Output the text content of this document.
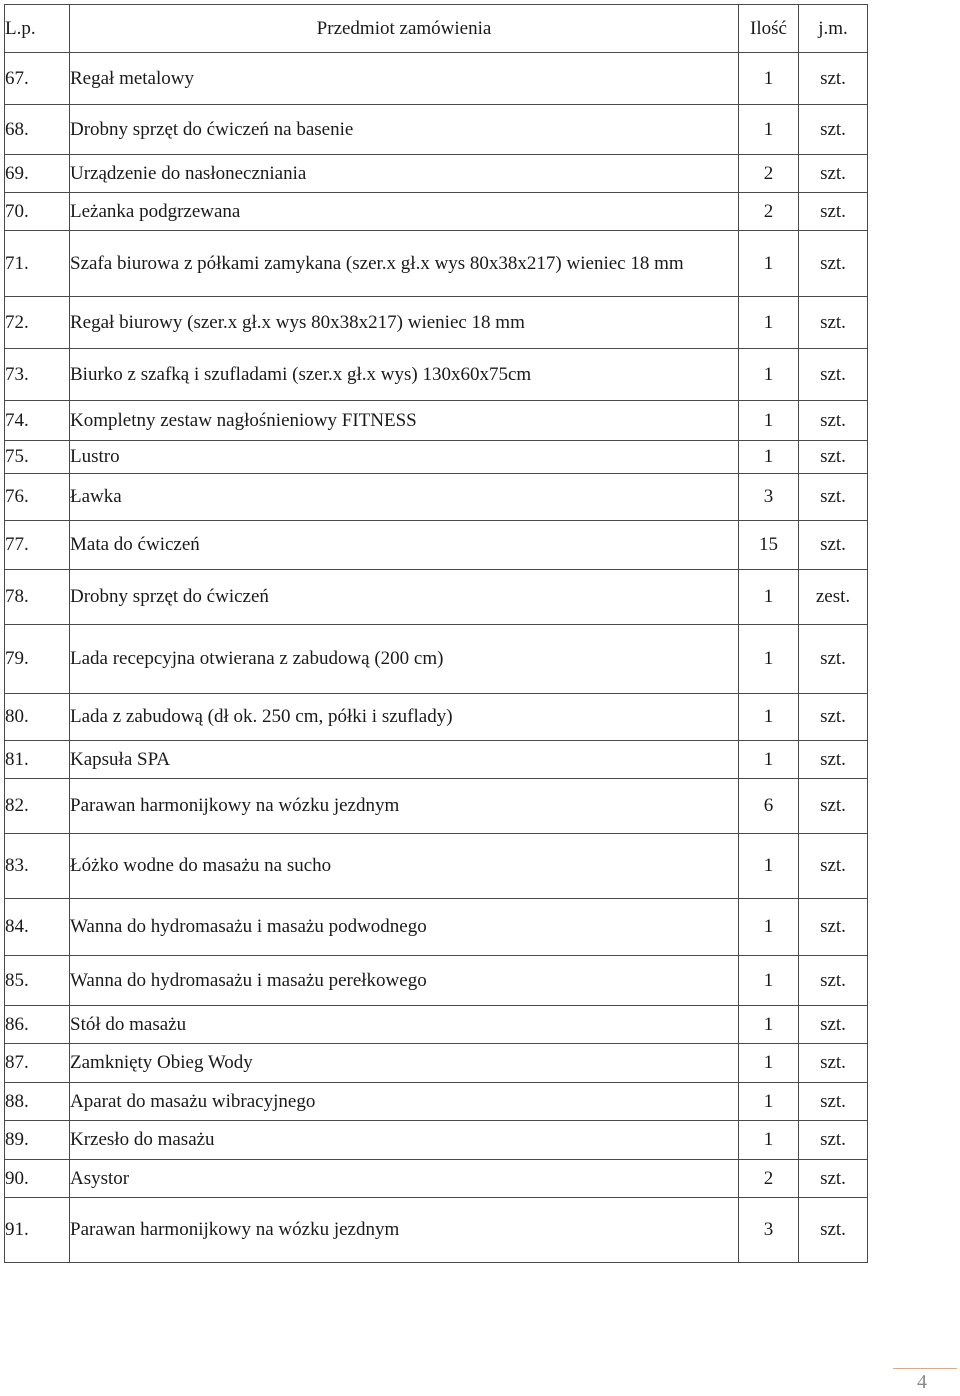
L.p.	Przedmiot zamówienia	Ilość	j.m.
67.	Regał metalowy	1	szt.
68.	Drobny sprzęt do ćwiczeń na basenie	1	szt.
69.	Urządzenie do nasłoneczniania	2	szt.
70.	Leżanka podgrzewana	2	szt.
71.	Szafa biurowa z półkami zamykana (szer.x gł.x wys 80x38x217) wieniec 18 mm	1	szt.
72.	Regał biurowy (szer.x gł.x wys 80x38x217) wieniec 18 mm	1	szt.
73.	Biurko z szafką i szufladami (szer.x gł.x wys) 130x60x75cm	1	szt.
74.	Kompletny zestaw nagłośnieniowy FITNESS	1	szt.
75.	Lustro	1	szt.
76.	Ławka	3	szt.
77.	Mata do ćwiczeń	15	szt.
78.	Drobny sprzęt do ćwiczeń	1	zest.
79.	Lada recepcyjna otwierana z zabudową (200 cm)	1	szt.
80.	Lada z zabudową (dł ok. 250 cm, półki i szuflady)	1	szt.
81.	Kapsuła SPA	1	szt.
82.	Parawan harmonijkowy na wózku jezdnym	6	szt.
83.	Łóżko wodne do masażu na sucho	1	szt.
84.	Wanna do hydromasażu i masażu podwodnego	1	szt.
85.	Wanna do hydromasażu i masażu perełkowego	1	szt.
86.	Stół do masażu	1	szt.
87.	Zamknięty Obieg Wody	1	szt.
88.	Aparat do masażu wibracyjnego	1	szt.
89.	Krzesło do masażu	1	szt.
90.	Asystor	2	szt.
91.	Parawan harmonijkowy na wózku jezdnym	3	szt.
4
